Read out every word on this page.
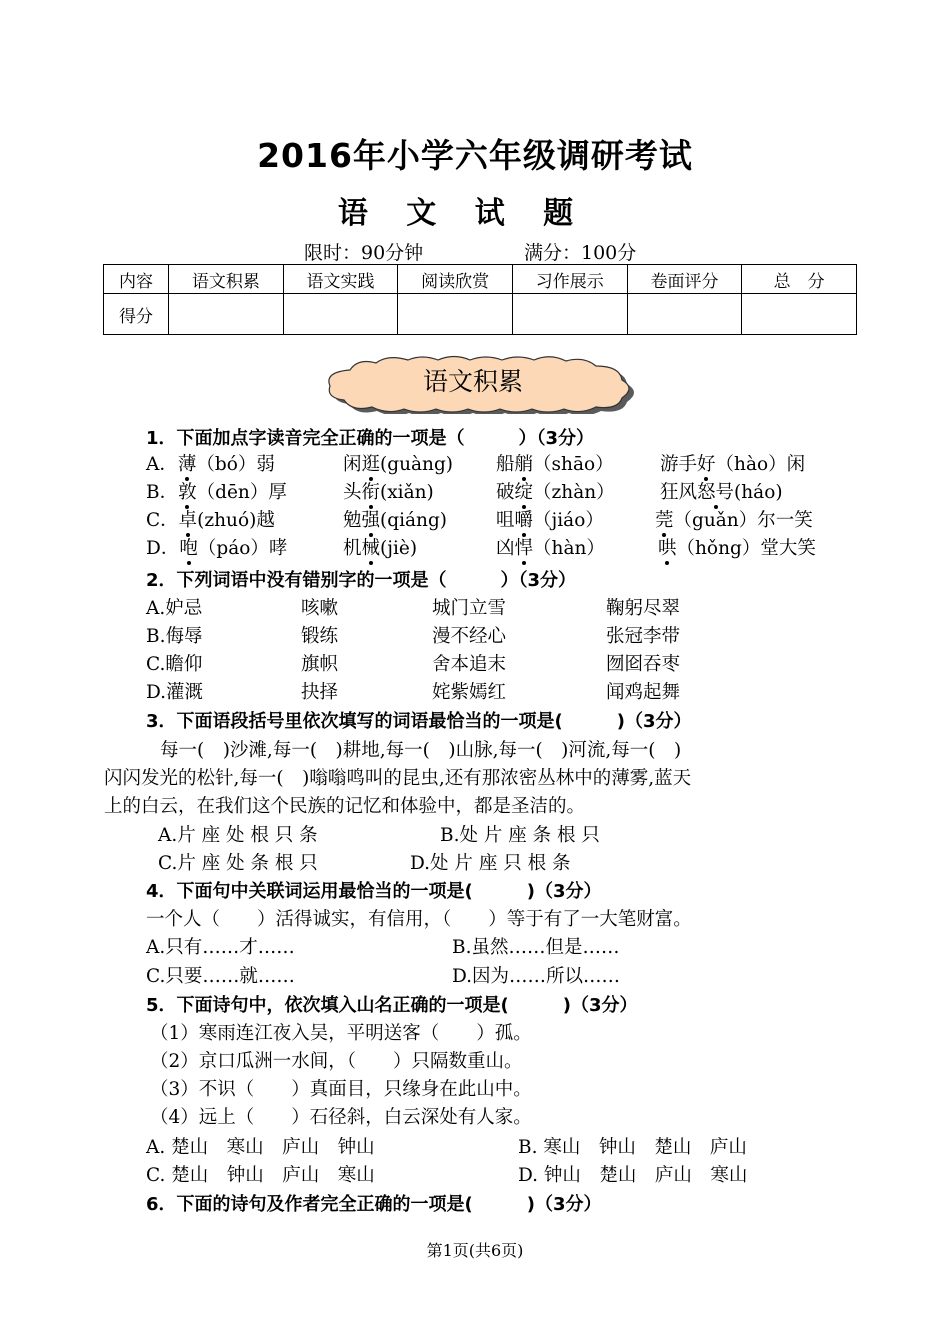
2016年小学六年级调研考试
语 文 试 题
限时：90分钟	满分：100分
内容	语文积累	语文实践	阅读欣赏	习作展示	卷面评分	总　分
得分						
语文积累
1．下面加点字读音完全正确的一项是（　　　）（3分）
A．薄（bó）弱	闲逛(guàng) 船艄（shāo）	游手好（hào）闲
B．敦（dēn）厚	头衔(xiǎn)	破绽（zhàn） 狂风怒号(háo)
C．卓(zhuó)越	勉强(qiáng)	咀嚼（jiáo）	莞（guǎn）尔一笑
D．咆（páo）哮	机械(jiè)	凶悍（hàn）	哄（hǒng）堂大笑
2．下列词语中没有错别字的一项是（　　　）（3分）
A.妒忌	咳嗽	城门立雪	鞠躬尽翠
B.侮辱	锻练	漫不经心	张冠李带
C.瞻仰	旗帜	舍本追末	囫囵吞枣
D.灌溉	抉择	姹紫嫣红	闻鸡起舞
3．下面语段括号里依次填写的词语最恰当的一项是(　　　)（3分）
每一(　)沙滩,每一(　)耕地,每一(　)山脉,每一(　)河流,每一(　)
闪闪发光的松针,每一(　)嗡嗡鸣叫的昆虫,还有那浓密丛林中的薄雾,蓝天
上的白云，在我们这个民族的记忆和体验中，都是圣洁的。
A.片 座 处 根 只 条	B.处 片 座 条 根 只
C.片 座 处 条 根 只	D.处 片 座 只 根 条
4．下面句中关联词运用最恰当的一项是(　　　)（3分）
一个人（　　）活得诚实，有信用，（　　）等于有了一大笔财富。
A.只有……才……	B.虽然……但是……
C.只要……就……	D.因为……所以……
5．下面诗句中，依次填入山名正确的一项是(　　　)（3分）
（1）寒雨连江夜入吴，平明送客（　　）孤。
（2）京口瓜洲一水间，（　　）只隔数重山。
（3）不识（　　）真面目，只缘身在此山中。
（4）远上（　　）石径斜，白云深处有人家。
A. 楚山　寒山　庐山　钟山	B. 寒山　钟山　楚山　庐山
C. 楚山　钟山　庐山　寒山	D. 钟山　楚山　庐山　寒山
6．下面的诗句及作者完全正确的一项是(　　　)（3分）
第1页(共6页)
